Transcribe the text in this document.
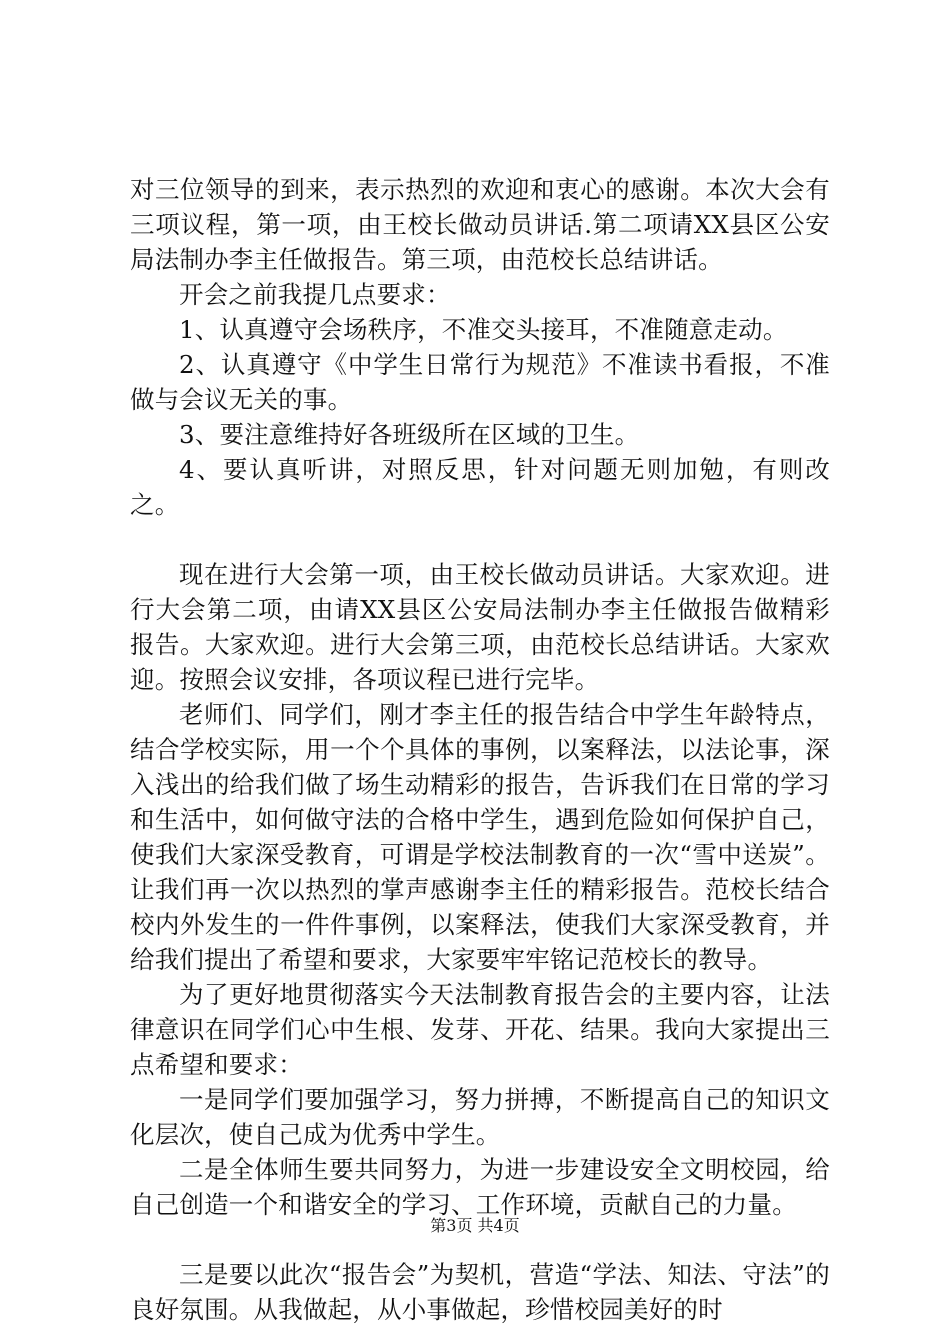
对三位领导的到来，表示热烈的欢迎和衷心的感谢。本次大会有三项议程，第一项，由王校长做动员讲话.第二项请XX县区公安局法制办李主任做报告。第三项，由范校长总结讲话。

开会之前我提几点要求：

1、认真遵守会场秩序，不准交头接耳，不准随意走动。

2、认真遵守《中学生日常行为规范》不准读书看报，不准做与会议无关的事。

3、要注意维持好各班级所在区域的卫生。

4、要认真听讲，对照反思，针对问题无则加勉，有则改之。

现在进行大会第一项，由王校长做动员讲话。大家欢迎。进行大会第二项，由请XX县区公安局法制办李主任做报告做精彩报告。大家欢迎。进行大会第三项，由范校长总结讲话。大家欢迎。按照会议安排，各项议程已进行完毕。

老师们、同学们，刚才李主任的报告结合中学生年龄特点，结合学校实际，用一个个具体的事例，以案释法，以法论事，深入浅出的给我们做了场生动精彩的报告，告诉我们在日常的学习和生活中，如何做守法的合格中学生，遇到危险如何保护自己，使我们大家深受教育，可谓是学校法制教育的一次“雪中送炭”。让我们再一次以热烈的掌声感谢李主任的精彩报告。范校长结合校内外发生的一件件事例，以案释法，使我们大家深受教育，并给我们提出了希望和要求，大家要牢牢铭记范校长的教导。

为了更好地贯彻落实今天法制教育报告会的主要内容，让法律意识在同学们心中生根、发芽、开花、结果。我向大家提出三点希望和要求：

一是同学们要加强学习，努力拼搏，不断提高自己的知识文化层次，使自己成为优秀中学生。

二是全体师生要共同努力，为进一步建设安全文明校园，给自己创造一个和谐安全的学习、工作环境，贡献自己的力量。

三是要以此次“报告会”为契机，营造“学法、知法、守法”的良好氛围。从我做起，从小事做起，珍惜校园美好的时

第3页 共4页
